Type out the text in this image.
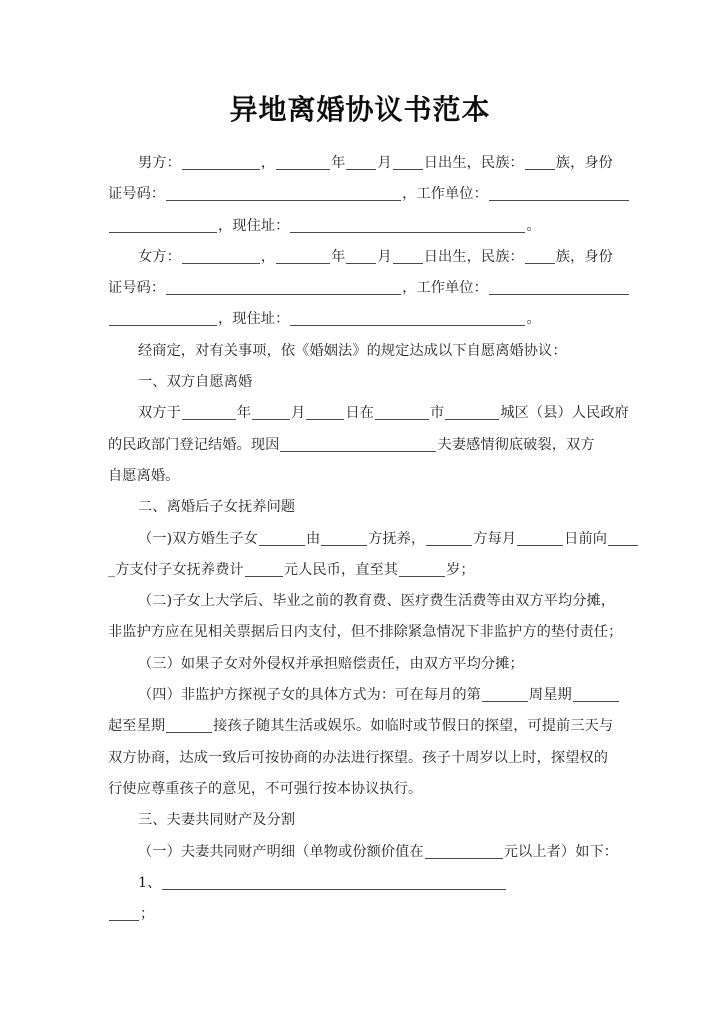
异地离婚协议书范本
男方：	，	年 月 日出生，民族： 族，身份
证号码：	，工作单位：
，现住址：	。
女方：	，	年 月 日出生，民族： 族，身份
证号码：	，工作单位：
，现住址：	。
经商定，对有关事项，依《婚姻法》的规定达成以下自愿离婚协议：
一、双方自愿离婚
双方于	年	月	日在	市	城区（县）人民政府
的民政部门登记结婚。现因	夫妻感情彻底破裂，双方
自愿离婚。
二、离婚后子女抚养问题
（一)双方婚生子女	由	方抚养，	方每月	日前向
_方支付子女抚养费计	元人民币，直至其	岁；
（二)子女上大学后、毕业之前的教育费、医疗费生活费等由双方平均分摊，
非监护方应在见相关票据后日内支付，但不排除紧急情况下非监护方的垫付责任；
（三）如果子女对外侵权并承担赔偿责任，由双方平均分摊；
（四）非监护方探视子女的具体方式为：可在每月的第	周星期
起至星期	接孩子随其生活或娱乐。如临时或节假日的探望，可提前三天与
双方协商，达成一致后可按协商的办法进行探望。孩子十周岁以上时，探望权的
行使应尊重孩子的意见，不可强行按本协议执行。
三、夫妻共同财产及分割
（一）夫妻共同财产明细（单物或份额价值在	元以上者）如下：
1、
；
